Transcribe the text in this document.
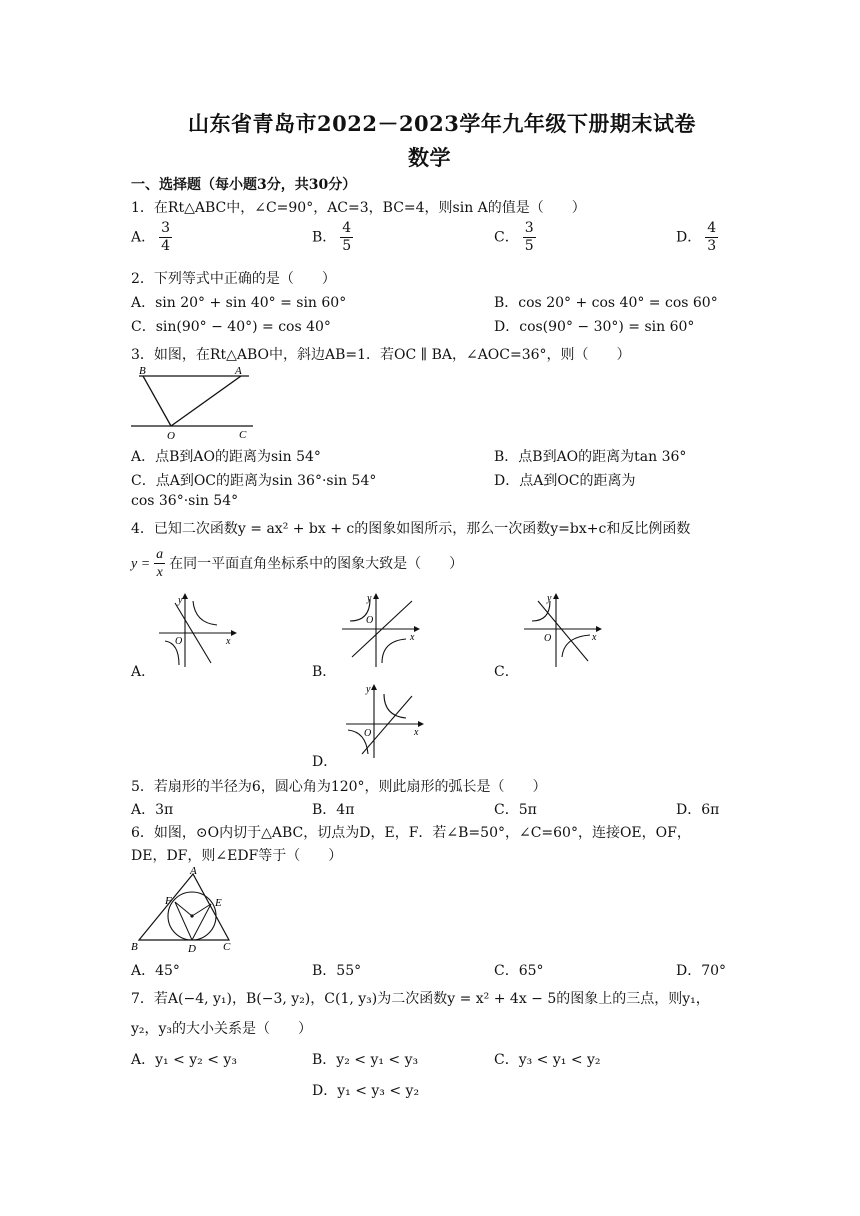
山东省青岛市2022－2023学年九年级下册期末试卷
数学
一、选择题（每小题3分，共30分）
1．在Rt△ABC中，∠C=90°，AC=3，BC=4，则sin A的值是（　　）
A． $\frac{3}{4}$	B． $\frac{4}{5}$	C． $\frac{3}{5}$	D． $\frac{4}{3}$
2．下列等式中正确的是（　　）
A．sin 20° + sin 40° = sin 60°	B．cos 20° + cos 40° = cos 60°
C．sin(90° − 40°) = cos 40°	D．cos(90° − 30°) = sin 60°
3．如图，在Rt△ABO中，斜边AB=1．若OC ∥ BA，∠AOC=36°，则（　　）
B	A
O	C
A．点B到AO的距离为sin 54°	B．点B到AO的距离为tan 36°
C．点A到OC的距离为sin 36°·sin 54°	D．点A到OC的距离为
cos 36°·sin 54°
4．已知二次函数y = ax² + bx + c的图象如图所示，那么一次函数y=bx+c和反比例函数
$y = \frac{a}{x}$ 在同一平面直角坐标系中的图象大致是（　　）
y
x
O
A．
y
x
O
B．
y
x
O
C．
y
x
O
D．
5．若扇形的半径为6，圆心角为120°，则此扇形的弧长是（　　）
A．3π	B．4π	C．5π	D．6π
6．如图，⊙O内切于△ABC，切点为D，E，F．若∠B=50°，∠C=60°，连接OE，OF，
DE，DF，则∠EDF等于（　　）
A
B	C
D
E
F
A．45°	B．55°	C．65°	D．70°
7．若A(−4, y₁)，B(−3, y₂)，C(1, y₃)为二次函数y = x² + 4x − 5的图象上的三点，则y₁，
y₂，y₃的大小关系是（　　）
A．y₁ < y₂ < y₃	B．y₂ < y₁ < y₃	C．y₃ < y₁ < y₂
D．y₁ < y₃ < y₂
